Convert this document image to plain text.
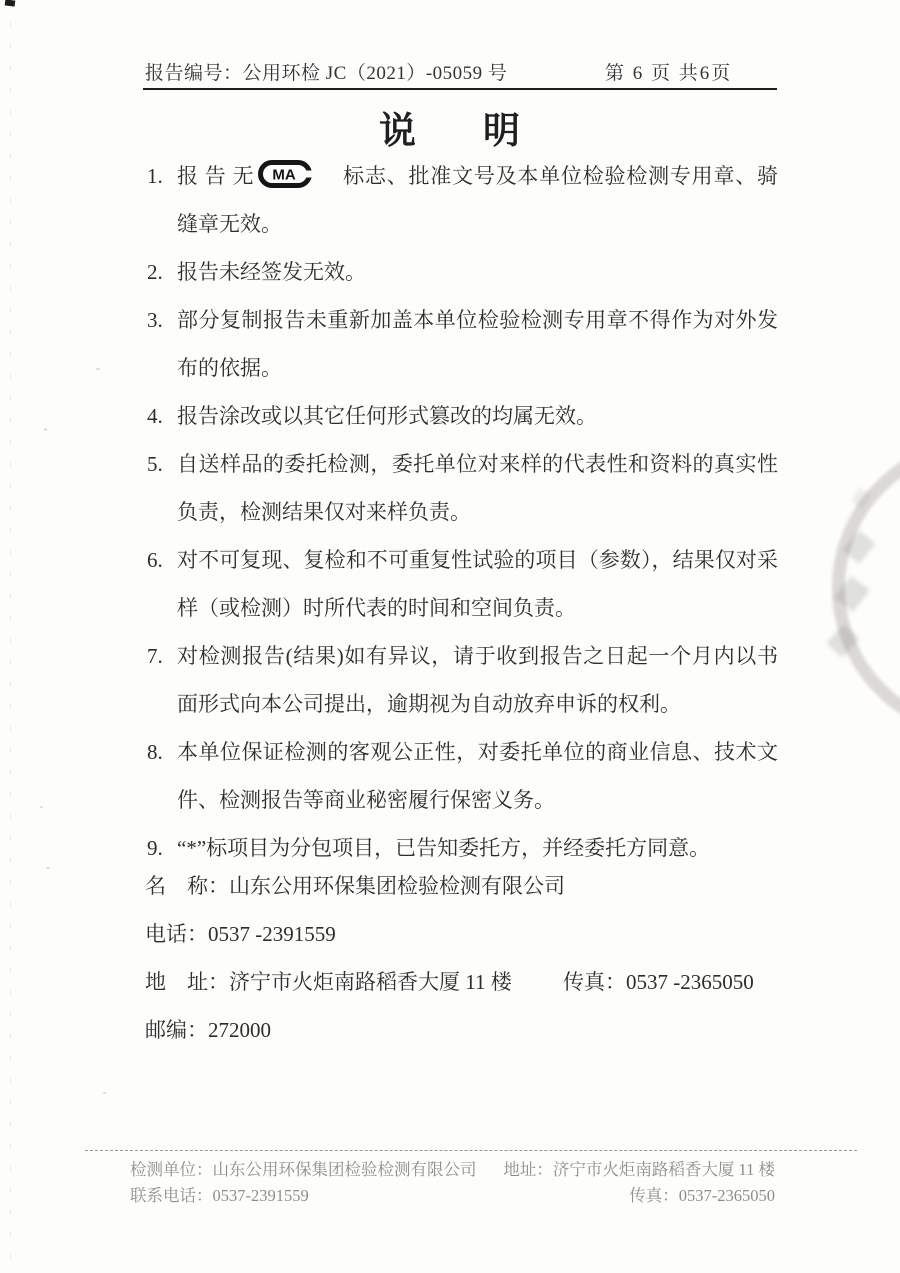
报告编号：公用环检 JC（2021）-05059 号	第 6 页 共6页
说 明
1. 报 告 无 MA 标志、批准文号及本单位检验检测专用章、骑缝章无效。
2. 报告未经签发无效。
3. 部分复制报告未重新加盖本单位检验检测专用章不得作为对外发布的依据。
4. 报告涂改或以其它任何形式篡改的均属无效。
5. 自送样品的委托检测，委托单位对来样的代表性和资料的真实性负责，检测结果仅对来样负责。
6. 对不可复现、复检和不可重复性试验的项目（参数），结果仅对采样（或检测）时所代表的时间和空间负责。
7. 对检测报告(结果)如有异议，请于收到报告之日起一个月内以书面形式向本公司提出，逾期视为自动放弃申诉的权利。
8. 本单位保证检测的客观公正性，对委托单位的商业信息、技术文件、检测报告等商业秘密履行保密义务。
9. “*”标项目为分包项目，已告知委托方，并经委托方同意。
名　称：山东公用环保集团检验检测有限公司
电话：0537 -2391559
地　址：济宁市火炬南路稻香大厦 11 楼 传真：0537 -2365050
邮编：272000
检测单位：山东公用环保集团检验检测有限公司
联系电话：0537-2391559
地址：济宁市火炬南路稻香大厦 11 楼
传真：0537-2365050
